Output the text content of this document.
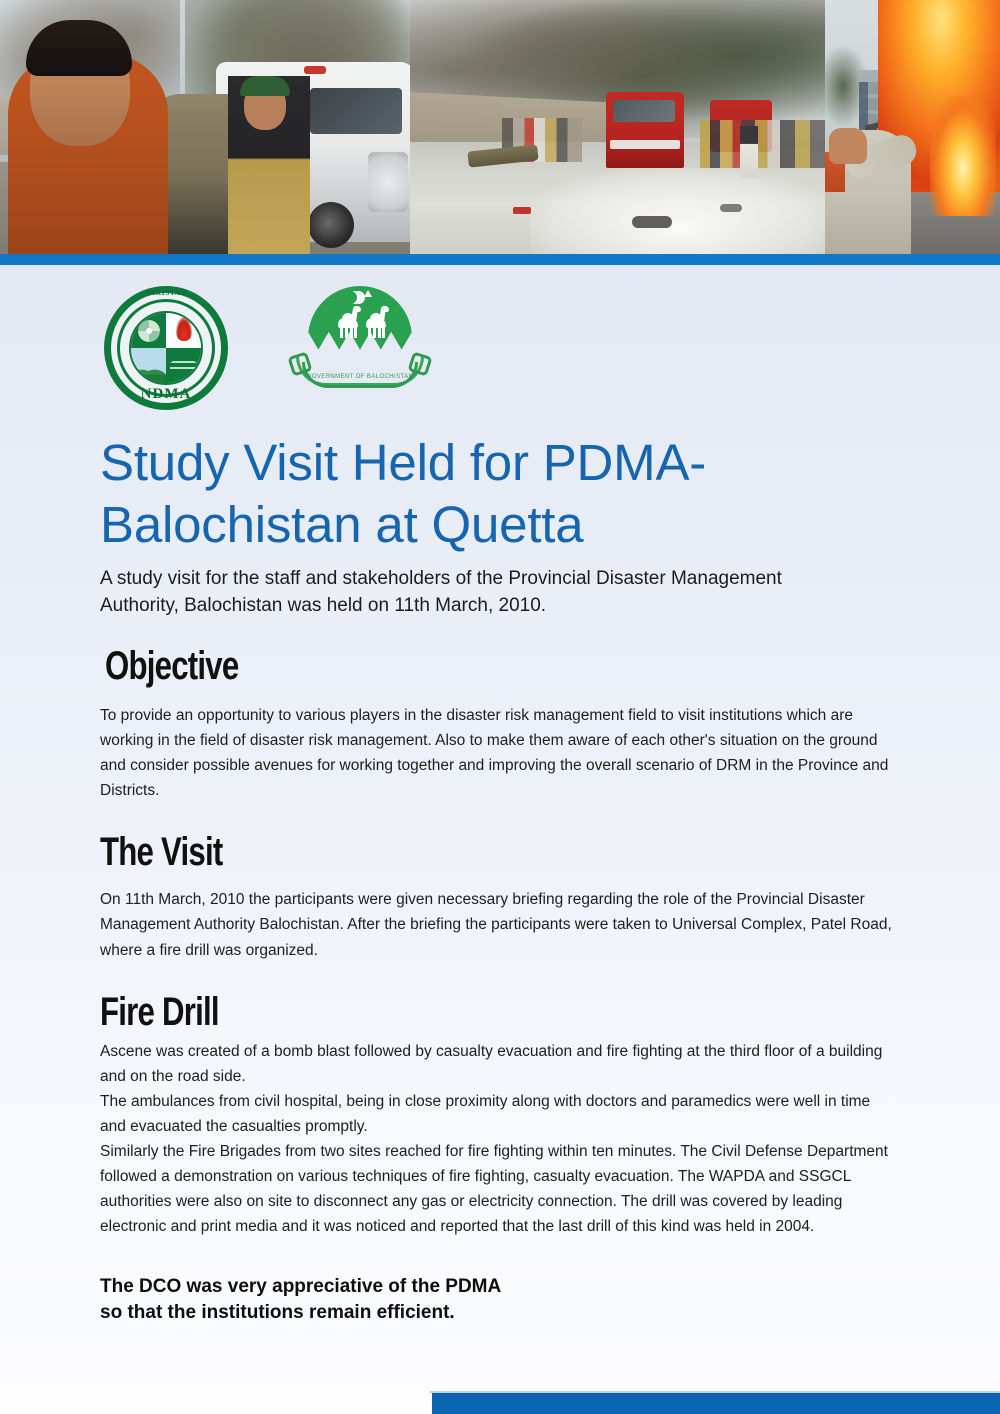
PAKISTAN
NDMA
GOVERNMENT OF BALOCHISTAN
Study Visit Held for PDMA-
Balochistan at Quetta

A study visit for the staff and stakeholders of the Provincial Disaster Management Authority, Balochistan was held on 11th March, 2010.

Objective

To provide an opportunity to various players in the disaster risk management field to visit institutions which are working in the field of disaster risk management. Also to make them aware of each other's situation on the ground and consider possible avenues for working together and improving the overall scenario of DRM in the Province and Districts.

The Visit

On 11th March, 2010 the participants were given necessary briefing regarding the role of the Provincial Disaster Management Authority Balochistan. After the briefing the participants were taken to Universal Complex, Patel Road, where a fire drill was organized.

Fire Drill

Ascene was created of a bomb blast followed by casualty evacuation and fire fighting at the third floor of a building and on the road side.

The ambulances from civil hospital, being in close proximity along with doctors and paramedics were well in time and evacuated the casualties promptly.

Similarly the Fire Brigades from two sites reached for fire fighting within ten minutes. The Civil Defense Department followed a demonstration on various techniques of fire fighting, casualty evacuation. The WAPDA and SSGCL authorities were also on site to disconnect any gas or electricity connection. The drill was covered by leading electronic and print media and it was noticed and reported that the last drill of this kind was held in 2004.

The DCO was very appreciative of the PDMA
so that the institutions remain efficient.
